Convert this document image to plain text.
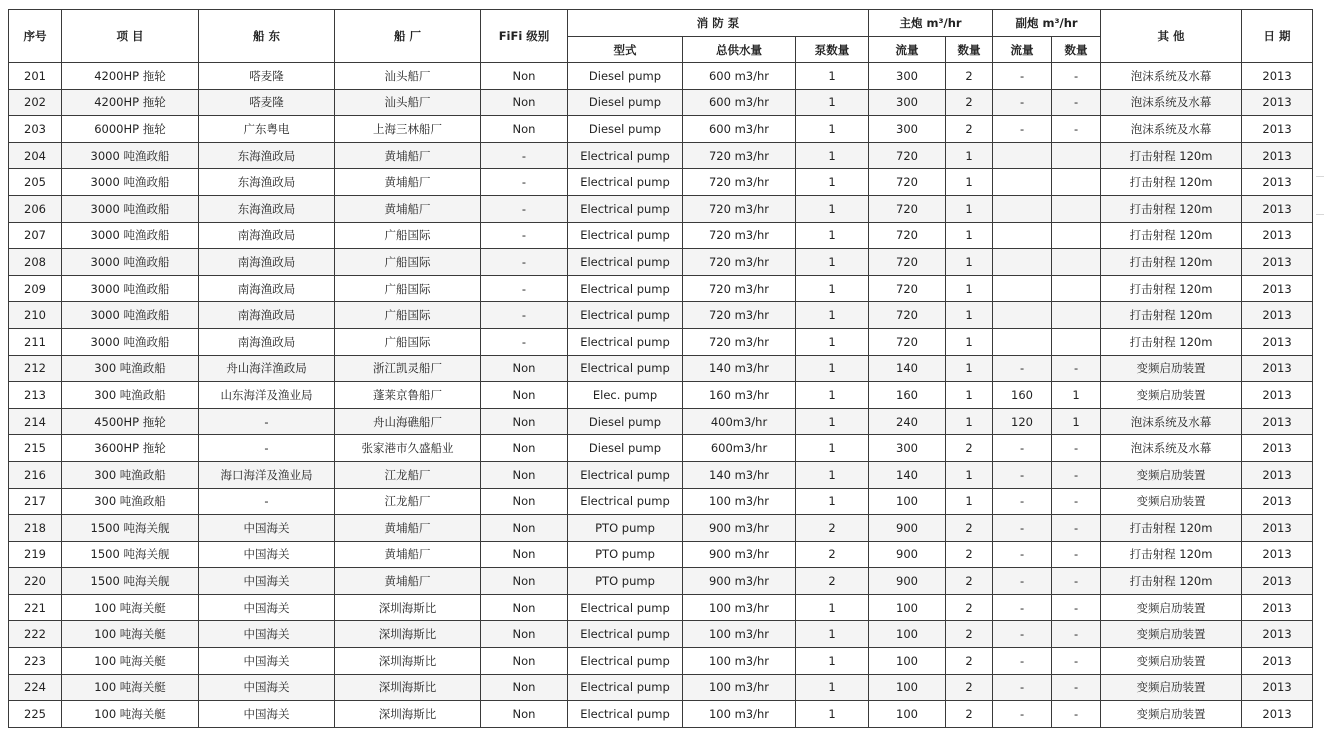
序号	项 目	船 东	船 厂	FiFi 级别	消 防 泵			主炮 m³/hr		副炮 m³/hr		其 他	日 期
					型式	总供水量	泵数量	流量	数量	流量	数量		
201	4200HP 拖轮	嗒麦隆	汕头船厂	Non	Diesel pump	600 m3/hr	1	300	2	-	-	泡沫系统及水幕	2013
202	4200HP 拖轮	嗒麦隆	汕头船厂	Non	Diesel pump	600 m3/hr	1	300	2	-	-	泡沫系统及水幕	2013
203	6000HP 拖轮	广东粤电	上海三林船厂	Non	Diesel pump	600 m3/hr	1	300	2	-	-	泡沫系统及水幕	2013
204	3000 吨渔政船	东海渔政局	黄埔船厂	-	Electrical pump	720 m3/hr	1	720	1			打击射程 120m	2013
205	3000 吨渔政船	东海渔政局	黄埔船厂	-	Electrical pump	720 m3/hr	1	720	1			打击射程 120m	2013
206	3000 吨渔政船	东海渔政局	黄埔船厂	-	Electrical pump	720 m3/hr	1	720	1			打击射程 120m	2013
207	3000 吨渔政船	南海渔政局	广船国际	-	Electrical pump	720 m3/hr	1	720	1			打击射程 120m	2013
208	3000 吨渔政船	南海渔政局	广船国际	-	Electrical pump	720 m3/hr	1	720	1			打击射程 120m	2013
209	3000 吨渔政船	南海渔政局	广船国际	-	Electrical pump	720 m3/hr	1	720	1			打击射程 120m	2013
210	3000 吨渔政船	南海渔政局	广船国际	-	Electrical pump	720 m3/hr	1	720	1			打击射程 120m	2013
211	3000 吨渔政船	南海渔政局	广船国际	-	Electrical pump	720 m3/hr	1	720	1			打击射程 120m	2013
212	300 吨渔政船	舟山海洋渔政局	浙江凯灵船厂	Non	Electrical pump	140 m3/hr	1	140	1	-	-	变频启劢装置	2013
213	300 吨渔政船	山东海洋及渔业局	蓬莱京鲁船厂	Non	Elec. pump	160 m3/hr	1	160	1	160	1	变频启劢装置	2013
214	4500HP 拖轮	-	舟山海礁船厂	Non	Diesel pump	400m3/hr	1	240	1	120	1	泡沫系统及水幕	2013
215	3600HP 拖轮	-	张家港市久盛船业	Non	Diesel pump	600m3/hr	1	300	2	-	-	泡沫系统及水幕	2013
216	300 吨渔政船	海口海洋及渔业局	江龙船厂	Non	Electrical pump	140 m3/hr	1	140	1	-	-	变频启劢装置	2013
217	300 吨渔政船	-	江龙船厂	Non	Electrical pump	100 m3/hr	1	100	1	-	-	变频启劢装置	2013
218	1500 吨海关舰	中国海关	黄埔船厂	Non	PTO pump	900 m3/hr	2	900	2	-	-	打击射程 120m	2013
219	1500 吨海关舰	中国海关	黄埔船厂	Non	PTO pump	900 m3/hr	2	900	2	-	-	打击射程 120m	2013
220	1500 吨海关舰	中国海关	黄埔船厂	Non	PTO pump	900 m3/hr	2	900	2	-	-	打击射程 120m	2013
221	100 吨海关艇	中国海关	深圳海斯比	Non	Electrical pump	100 m3/hr	1	100	2	-	-	变频启劢装置	2013
222	100 吨海关艇	中国海关	深圳海斯比	Non	Electrical pump	100 m3/hr	1	100	2	-	-	变频启劢装置	2013
223	100 吨海关艇	中国海关	深圳海斯比	Non	Electrical pump	100 m3/hr	1	100	2	-	-	变频启劢装置	2013
224	100 吨海关艇	中国海关	深圳海斯比	Non	Electrical pump	100 m3/hr	1	100	2	-	-	变频启劢装置	2013
225	100 吨海关艇	中国海关	深圳海斯比	Non	Electrical pump	100 m3/hr	1	100	2	-	-	变频启劢装置	2013
